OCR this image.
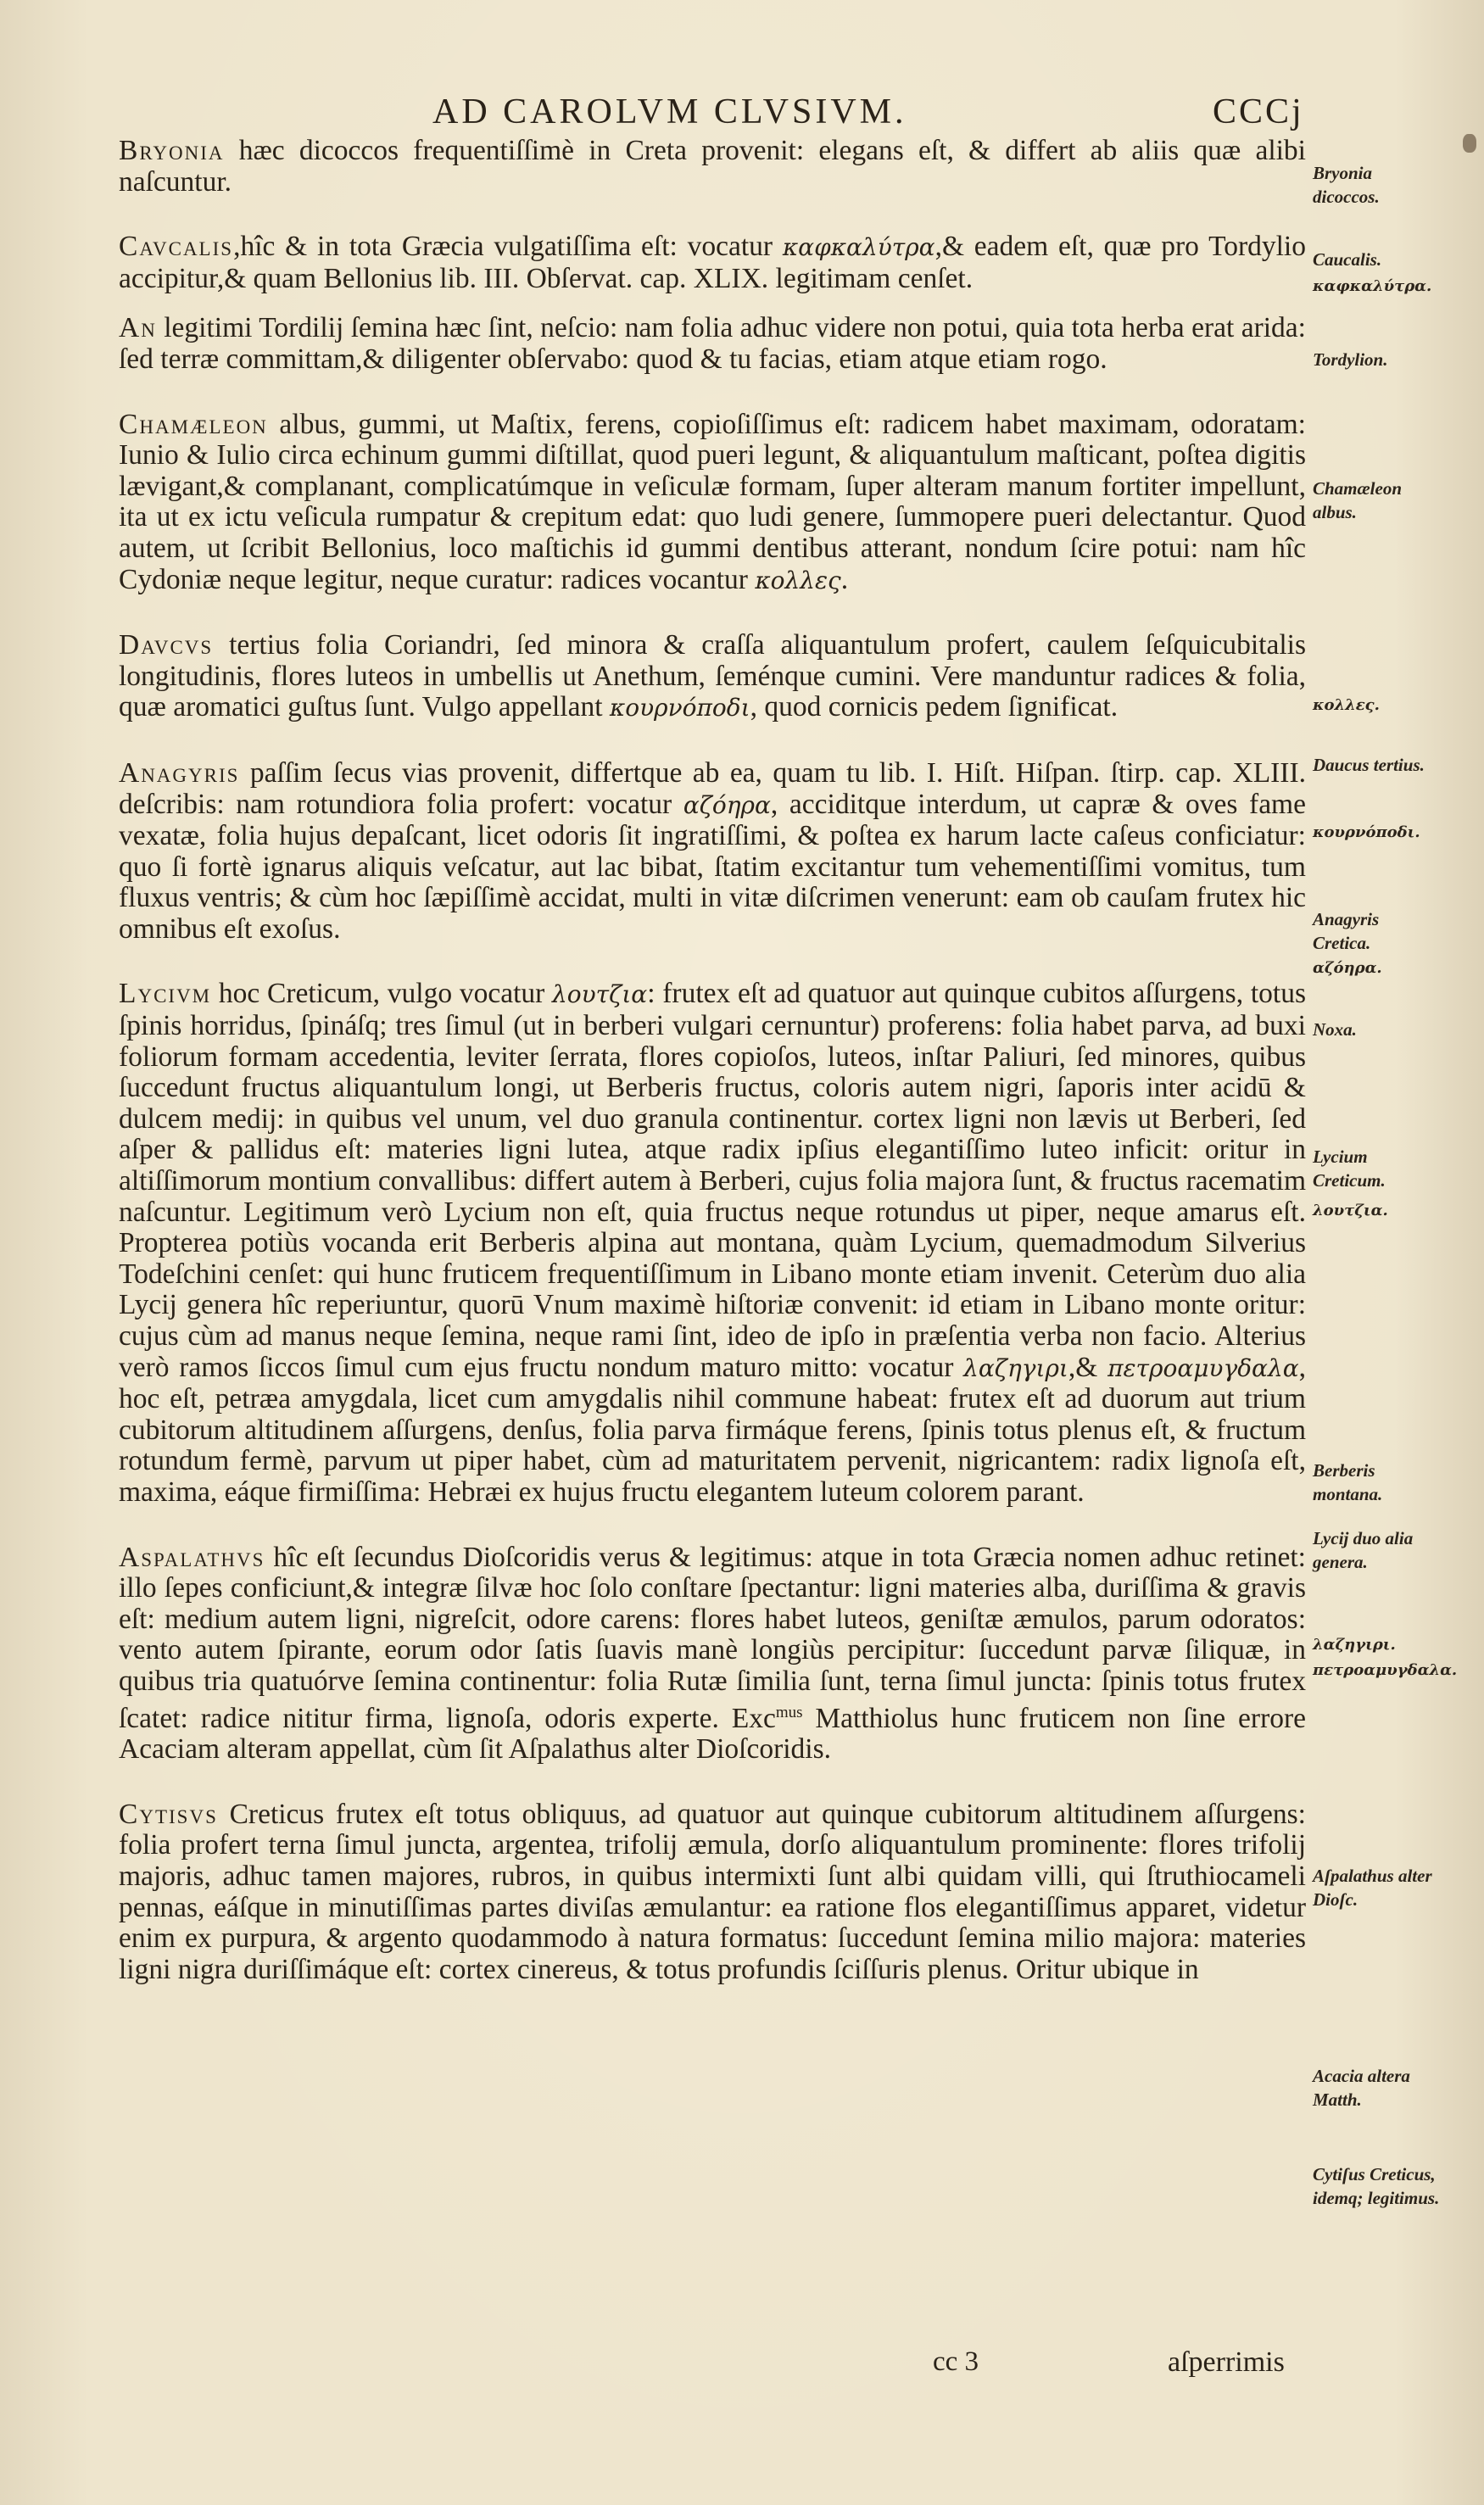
AD CAROLVM CLVSIVM.	CCCj

Bryonia hæc dicoccos frequentiſſimè in Creta provenit: elegans eſt, & differt ab aliis quæ alibi naſcuntur.

Cavcalis,hîc & in tota Græcia vulgatiſſima eſt: vocatur καφκαλύτρα,& eadem eſt, quæ pro Tordylio accipitur,& quam Bellonius lib. III. Obſervat. cap. XLIX. legitimam cenſet.

An legitimi Tordilij ſemina hæc ſint, neſcio: nam folia adhuc videre non potui, quia tota herba erat arida: ſed terræ committam,& diligenter obſervabo: quod & tu facias, etiam atque etiam rogo.

Chamæleon albus, gummi, ut Maſtix, ferens, copioſiſſimus eſt: radicem habet maximam, odoratam: Iunio & Iulio circa echinum gummi diſtillat, quod pueri legunt, & aliquantulum maſticant, poſtea digitis lævigant,& complanant, complicatúmque in veſiculæ formam, ſuper alteram manum fortiter impellunt, ita ut ex ictu veſicula rumpatur & crepitum edat: quo ludi genere, ſummopere pueri delectantur. Quod autem, ut ſcribit Bellonius, loco maſtichis id gummi dentibus atterant, nondum ſcire potui: nam hîc Cydoniæ neque legitur, neque curatur: radices vocantur κολλες.

Davcvs tertius folia Coriandri, ſed minora & craſſa aliquantulum profert, caulem ſeſquicubitalis longitudinis, flores luteos in umbellis ut Anethum, ſeménque cumini. Vere manduntur radices & folia, quæ aromatici guſtus ſunt. Vulgo appellant κουρνόποδι, quod cornicis pedem ſignificat.

Anagyris paſſim ſecus vias provenit, differtque ab ea, quam tu lib. I. Hiſt. Hiſpan. ſtirp. cap. XLIII. deſcribis: nam rotundiora folia profert: vocatur αζόηρα, acciditque interdum, ut capræ & oves fame vexatæ, folia hujus depaſcant, licet odoris ſit ingratiſſimi, & poſtea ex harum lacte caſeus conficiatur: quo ſi fortè ignarus aliquis veſcatur, aut lac bibat, ſtatim excitantur tum vehementiſſimi vomitus, tum fluxus ventris; & cùm hoc ſæpiſſimè accidat, multi in vitæ diſcrimen venerunt: eam ob cauſam frutex hic omnibus eſt exoſus.

Lycivm hoc Creticum, vulgo vocatur λουτζια: frutex eſt ad quatuor aut quinque cubitos aſſurgens, totus ſpinis horridus, ſpináſq; tres ſimul (ut in berberi vulgari cernuntur) proferens: folia habet parva, ad buxi foliorum formam accedentia, leviter ſerrata, flores copioſos, luteos, inſtar Paliuri, ſed minores, quibus ſuccedunt fructus aliquantulum longi, ut Berberis fructus, coloris autem nigri, ſaporis inter acidū & dulcem medij: in quibus vel unum, vel duo granula continentur. cortex ligni non lævis ut Berberi, ſed aſper & pallidus eſt: materies ligni lutea, atque radix ipſius elegantiſſimo luteo inficit: oritur in altiſſimorum montium convallibus: differt autem à Berberi, cujus folia majora ſunt, & fructus racematim naſcuntur. Legitimum verò Lycium non eſt, quia fructus neque rotundus ut piper, neque amarus eſt. Propterea potiùs vocanda erit Berberis alpina aut montana, quàm Lycium, quemadmodum Silverius Todeſchini cenſet: qui hunc fruticem frequentiſſimum in Libano monte etiam invenit. Ceterùm duo alia Lycij genera hîc reperiuntur, quorū Vnum maximè hiſtoriæ convenit: id etiam in Libano monte oritur: cujus cùm ad manus neque ſemina, neque rami ſint, ideo de ipſo in præſentia verba non facio. Alterius verò ramos ſiccos ſimul cum ejus fructu nondum maturo mitto: vocatur λαζηγιρι,& πετροαμυγδαλα, hoc eſt, petræa amygdala, licet cum amygdalis nihil commune habeat: frutex eſt ad duorum aut trium cubitorum altitudinem aſſurgens, denſus, folia parva firmáque ferens, ſpinis totus plenus eſt, & fructum rotundum fermè, parvum ut piper habet, cùm ad maturitatem pervenit, nigricantem: radix lignoſa eſt, maxima, eáque firmiſſima: Hebræi ex hujus fructu elegantem luteum colorem parant.

Aspalathvs hîc eſt ſecundus Dioſcoridis verus & legitimus: atque in tota Græcia nomen adhuc retinet: illo ſepes conficiunt,& integræ ſilvæ hoc ſolo conſtare ſpectantur: ligni materies alba, duriſſima & gravis eſt: medium autem ligni, nigreſcit, odore carens: flores habet luteos, geniſtæ æmulos, parum odoratos: vento autem ſpirante, eorum odor ſatis ſuavis manè longiùs percipitur: ſuccedunt parvæ ſiliquæ, in quibus tria quatuórve ſemina continentur: folia Rutæ ſimilia ſunt, terna ſimul juncta: ſpinis totus frutex ſcatet: radice nititur firma, lignoſa, odoris experte. Exc$^{mus}$ Matthiolus hunc fruticem non ſine errore Acaciam alteram appellat, cùm ſit Aſpalathus alter Dioſcoridis.

Cytisvs Creticus frutex eſt totus obliquus, ad quatuor aut quinque cubitorum altitudinem aſſurgens: folia profert terna ſimul juncta, argentea, trifolij æmula, dorſo aliquantulum prominente: flores trifolij majoris, adhuc tamen majores, rubros, in quibus intermixti ſunt albi quidam villi, qui ſtruthiocameli pennas, eáſque in minutiſſimas partes diviſas æmulantur: ea ratione flos elegantiſſimus apparet, videtur enim ex purpura, & argento quodammodo à natura formatus: ſuccedunt ſemina milio majora: materies ligni nigra duriſſimáque eſt: cortex cinereus, & totus profundis ſciſſuris plenus. Oritur ubique in

Bryonia dicoccos.
Caucalis.
καφκαλύτρα.
Tordylion.
Chamæleon albus.
κολλες.
Daucus tertius.
κουρνόποδι.
Anagyris Cretica.
αζόηρα.
Noxa.
Lycium Creticum.
λουτζια.
Berberis montana.
Lycij duo alia genera.
λαζηγιρι.
πετροαμυγδαλα.
Aſpalathus alter Dioſc.
Acacia altera Matth.
Cytiſus Creticus, idemq; legitimus.
cc 3	aſperrimis
